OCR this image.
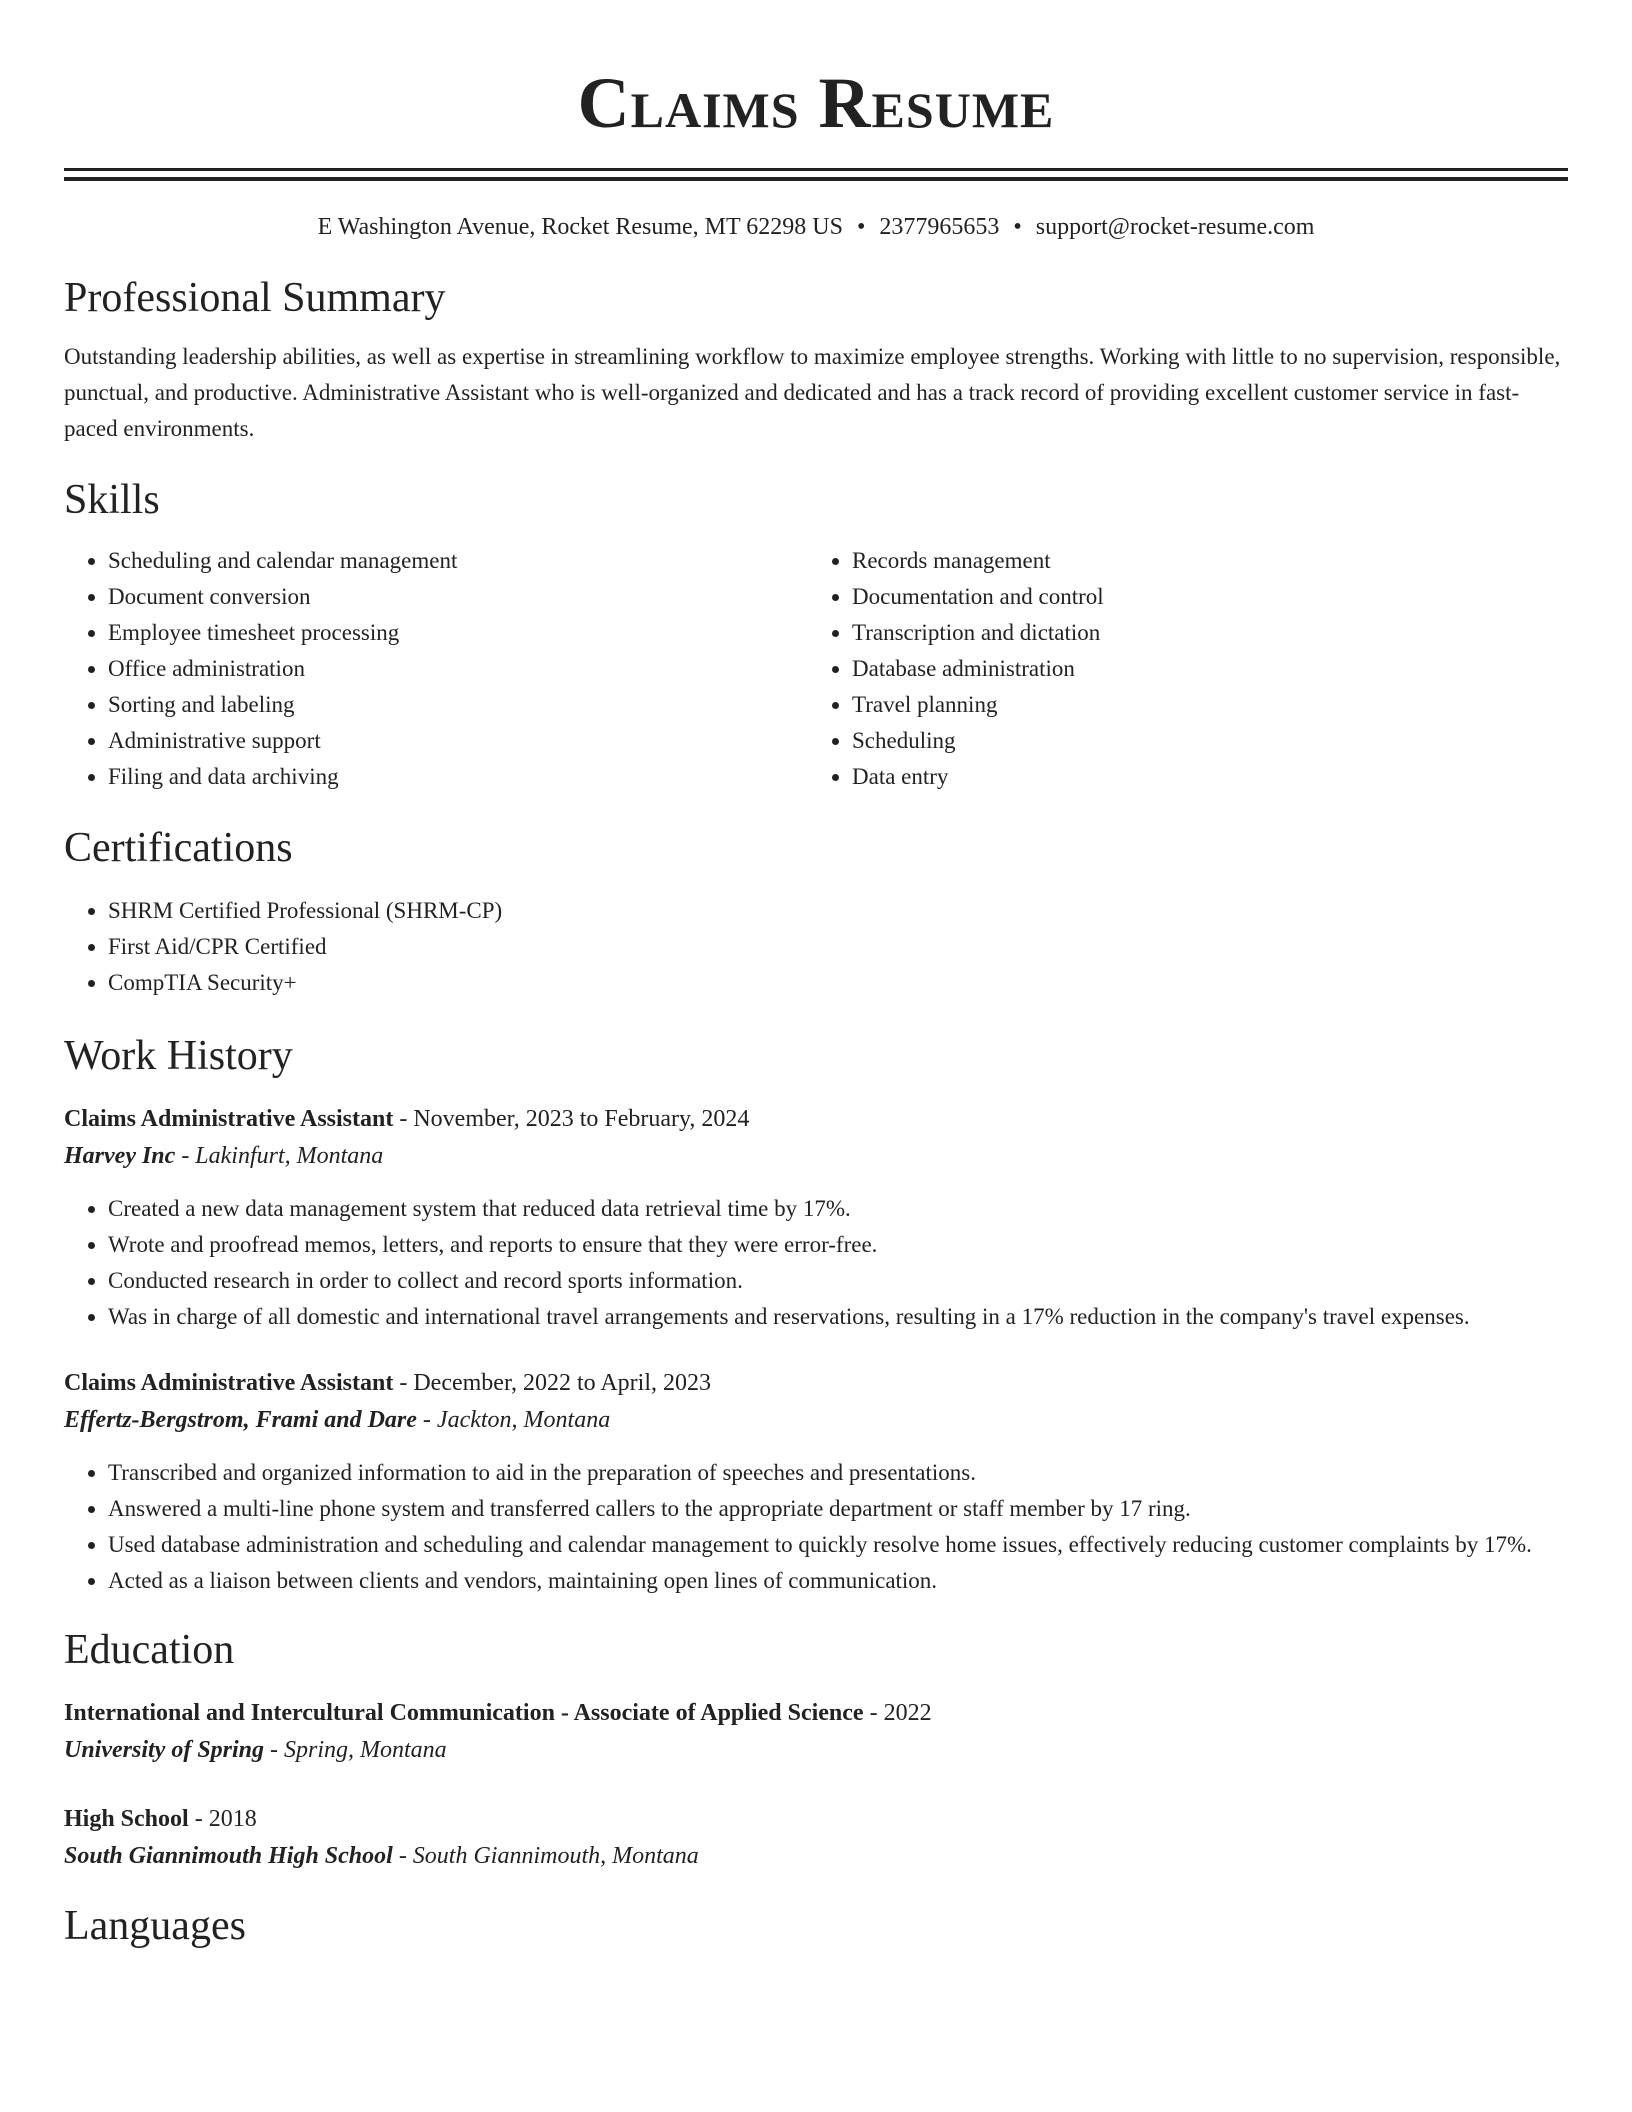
Claims Resume
E Washington Avenue, Rocket Resume, MT 62298 US • 2377965653 • support@rocket-resume.com
Professional Summary
Outstanding leadership abilities, as well as expertise in streamlining workflow to maximize employee strengths. Working with little to no supervision, responsible, punctual, and productive. Administrative Assistant who is well-organized and dedicated and has a track record of providing excellent customer service in fast-paced environments.
Skills
• Scheduling and calendar management
• Document conversion
• Employee timesheet processing
• Office administration
• Sorting and labeling
• Administrative support
• Filing and data archiving
• Records management
• Documentation and control
• Transcription and dictation
• Database administration
• Travel planning
• Scheduling
• Data entry
Certifications
• SHRM Certified Professional (SHRM-CP)
• First Aid/CPR Certified
• CompTIA Security+
Work History
Claims Administrative Assistant - November, 2023 to February, 2024
Harvey Inc - Lakinfurt, Montana
• Created a new data management system that reduced data retrieval time by 17%.
• Wrote and proofread memos, letters, and reports to ensure that they were error-free.
• Conducted research in order to collect and record sports information.
• Was in charge of all domestic and international travel arrangements and reservations, resulting in a 17% reduction in the company's travel expenses.
Claims Administrative Assistant - December, 2022 to April, 2023
Effertz-Bergstrom, Frami and Dare - Jackton, Montana
• Transcribed and organized information to aid in the preparation of speeches and presentations.
• Answered a multi-line phone system and transferred callers to the appropriate department or staff member by 17 ring.
• Used database administration and scheduling and calendar management to quickly resolve home issues, effectively reducing customer complaints by 17%.
• Acted as a liaison between clients and vendors, maintaining open lines of communication.
Education
International and Intercultural Communication - Associate of Applied Science - 2022
University of Spring - Spring, Montana
High School - 2018
South Giannimouth High School - South Giannimouth, Montana
Languages
